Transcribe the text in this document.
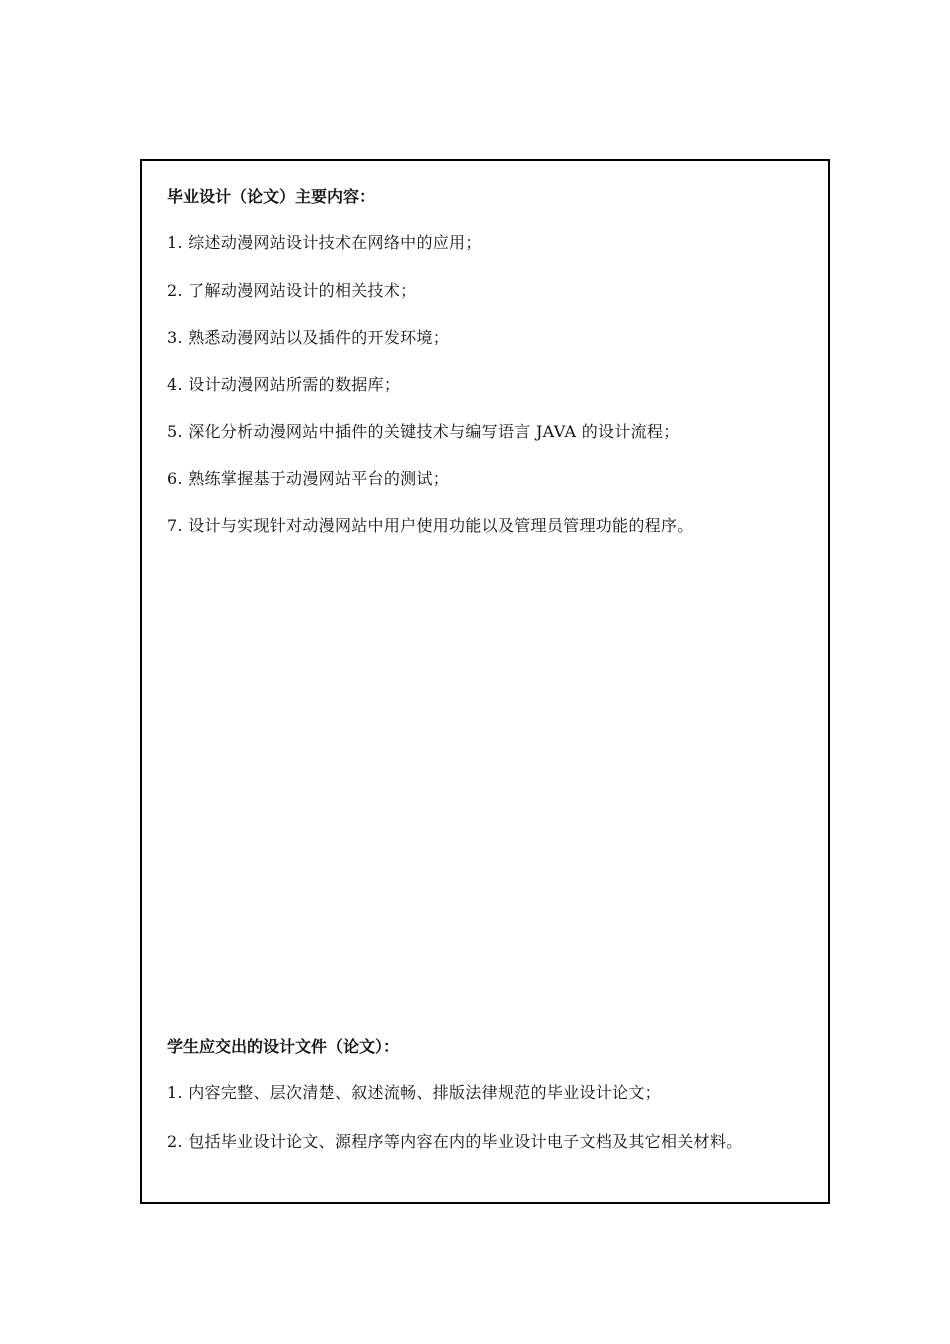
毕业设计（论文）主要内容：
1. 综述动漫网站设计技术在网络中的应用；
2. 了解动漫网站设计的相关技术；
3. 熟悉动漫网站以及插件的开发环境；
4. 设计动漫网站所需的数据库；
5. 深化分析动漫网站中插件的关键技术与编写语言 JAVA 的设计流程；
6. 熟练掌握基于动漫网站平台的测试；
7. 设计与实现针对动漫网站中用户使用功能以及管理员管理功能的程序。
学生应交出的设计文件（论文）：
1. 内容完整、层次清楚、叙述流畅、排版法律规范的毕业设计论文；
2. 包括毕业设计论文、源程序等内容在内的毕业设计电子文档及其它相关材料。
